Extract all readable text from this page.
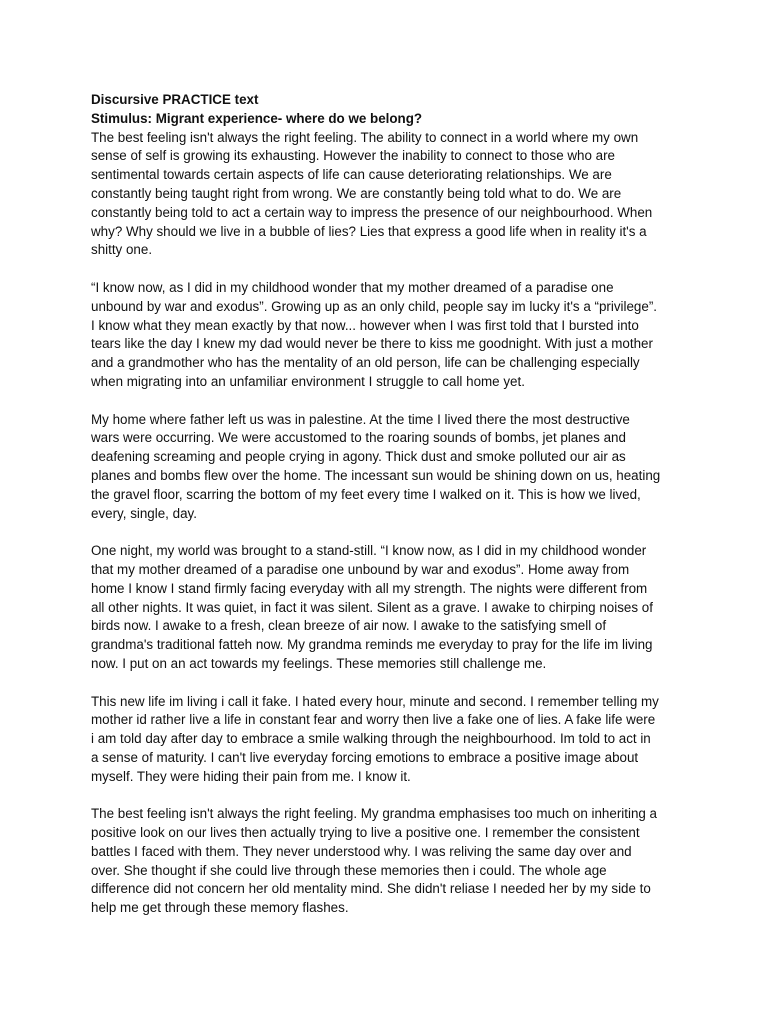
Discursive PRACTICE text

Stimulus: Migrant experience- where do we belong?

The best feeling isn't always the right feeling. The ability to connect in a world where my own
sense of self is growing its exhausting. However the inability to connect to those who are
sentimental towards certain aspects of life can cause deteriorating relationships. We are
constantly being taught right from wrong. We are constantly being told what to do. We are
constantly being told to act a certain way to impress the presence of our neighbourhood. When
why? Why should we live in a bubble of lies? Lies that express a good life when in reality it's a
shitty one.

“I know now, as I did in my childhood wonder that my mother dreamed of a paradise one
unbound by war and exodus”. Growing up as an only child, people say im lucky it's a “privilege”.
I know what they mean exactly by that now... however when I was first told that I bursted into
tears like the day I knew my dad would never be there to kiss me goodnight. With just a mother
and a grandmother who has the mentality of an old person, life can be challenging especially
when migrating into an unfamiliar environment I struggle to call home yet.

My home where father left us was in palestine. At the time I lived there the most destructive
wars were occurring. We were accustomed to the roaring sounds of bombs, jet planes and
deafening screaming and people crying in agony. Thick dust and smoke polluted our air as
planes and bombs flew over the home. The incessant sun would be shining down on us, heating
the gravel floor, scarring the bottom of my feet every time I walked on it. This is how we lived,
every, single, day.

One night, my world was brought to a stand-still. “I know now, as I did in my childhood wonder
that my mother dreamed of a paradise one unbound by war and exodus”. Home away from
home I know I stand firmly facing everyday with all my strength. The nights were different from
all other nights. It was quiet, in fact it was silent. Silent as a grave. I awake to chirping noises of
birds now. I awake to a fresh, clean breeze of air now. I awake to the satisfying smell of
grandma's traditional fatteh now. My grandma reminds me everyday to pray for the life im living
now. I put on an act towards my feelings. These memories still challenge me.

This new life im living i call it fake. I hated every hour, minute and second. I remember telling my
mother id rather live a life in constant fear and worry then live a fake one of lies. A fake life were
i am told day after day to embrace a smile walking through the neighbourhood. Im told to act in
a sense of maturity. I can't live everyday forcing emotions to embrace a positive image about
myself. They were hiding their pain from me. I know it.

The best feeling isn't always the right feeling. My grandma emphasises too much on inheriting a
positive look on our lives then actually trying to live a positive one. I remember the consistent
battles I faced with them. They never understood why. I was reliving the same day over and
over. She thought if she could live through these memories then i could. The whole age
difference did not concern her old mentality mind. She didn't reliase I needed her by my side to
help me get through these memory flashes.
